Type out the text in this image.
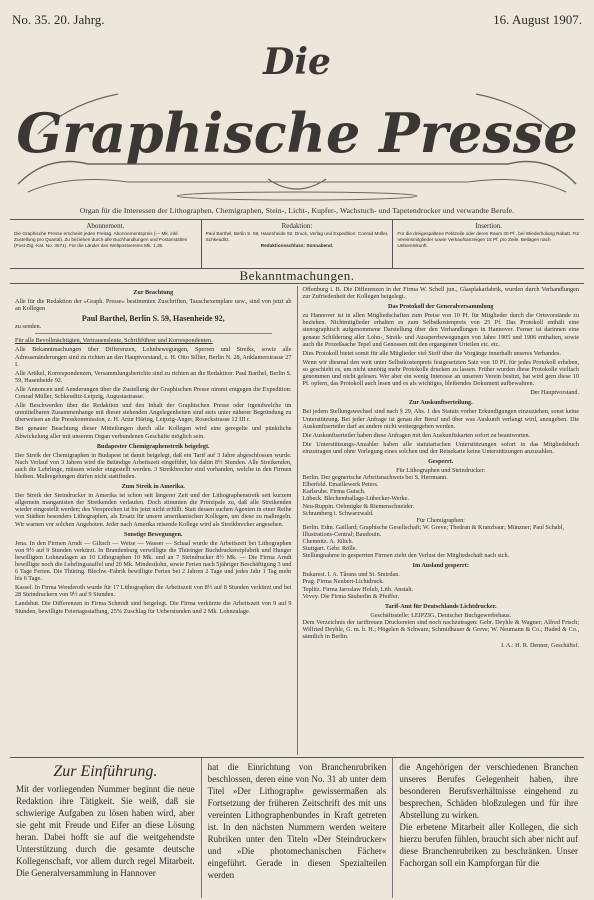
No. 35. 20. Jahrg.	16. August 1907.
Die
Graphische Presse
Organ für die Interessen der Lithographen, Chemigraphen, Stein-, Licht-, Kupfer-, Wachstuch- und Tapetendrucker und verwandte Berufe.
Abonnement.
Die Graphische Presse erscheint jeden Freitag. Abonnementspreis (— Mk. inkl. Zustellung pro Quartal). Zu beziehen durch alle Buchhandlungen und Postanstalten (Post-Ztg.-Kat. No. 3571). Für die Länder des Weltpostvereins Mk. 1,35.
Redaktion:
Paul Barthel, Berlin S. 59, Hasenheide 92. Druck, Verlag und Expedition: Conrad Müller, Schkeuditz.
Redaktionsschluss: Sonnabend.
Insertion.
Für die dreigespaltene Petitzeile oder deren Raum 30 Pf., bei Wiederholung Rabatt. Für Vereinsmitglieder sowie Verkaufsanzeigen 15 Pf. pro Zeile. Beilagen nach Uebereinkunft.
Bekanntmachungen.
Zur Beachtung

Alle für die Redaktion der »Graph. Presse« bestimmten Zuschriften, Tauschexemplare usw., sind von jetzt ab an Kollegen

Paul Barthel, Berlin S. 59, Hasenheide 92,

zu senden.

Für alle Bevollmächtigten, Vertrauensleute, Schriftführer und Korrespondenten.

Alle Bekanntmachungen über Differenzen, Lohnbewegungen, Sperren und Streiks, sowie alle Adressenänderungen sind zu richten an den Hauptvorstand, z. H. Otto Sillier, Berlin N. 28, Anklamerstrasse 27 I.

Alle Artikel, Korrespondenzen, Versammlungsberichte sind zu richten an die Redaktion: Paul Barthel, Berlin S. 59, Hasenheide 92.

Alle Annoncen und Aenderungen über die Zustellung der Graphischen Presse nimmt entgegen die Expedition: Conrad Müller, Schkeuditz-Leipzig, Augustastrasse.

Alle Beschwerden über die Redaktion und den Inhalt der Graphischen Presse oder irgendwelche im unmittelbaren Zusammenhange mit dieser stehenden Angelegenheiten sind stets unter näherer Begründung zu überweisen an die Presskommission, z. H. Artur Häring, Leipzig-Anger, Roseckstrasse 12 III r.

Bei genauer Beachtung dieser Mitteilungen durch alle Kollegen wird eine geregelte und pünktliche Abwickelung aller mit unserem Organ verbundenen Geschäfte möglich sein.

Budapester Chemigraphenstreik beigelegt.

Der Streik der Chemigraphen in Budapest ist damit beigelegt, daß ein Tarif auf 3 Jahre abgeschlossen wurde. Nach Verlauf von 3 Jahren wird die 8stündige Arbeitszeit eingeführt, bis dahin 8½ Stunden. Alle Streikenden, auch die Lehrlinge, müssen wieder eingestellt werden. 3 Streikbrecher sind vorhanden, welche in den Firmen bleiben. Maßregelungen dürfen nicht stattfinden.

Zum Streik in Amerika.

Der Streik der Steindrucker in Amerika ist schon seit längerer Zeit und der Lithographenstreik seit kurzem allgemein manganisten der Streikenden verlaufen. Doch stimmten die Prinzipale zu, daß alle Streikenden wieder eingestellt werden; des Versprechen ist bis jetzt nicht erfüllt. Statt dessen suchen Agenten in einer Reihe von Städten besonders Lithographen, als Ersatz für unsere amerikanischen Kollegen, um diese zu maßregeln. Wir warnen vor solchen Angeboten. Jeder nach Amerika reisende Kollege wird als Streikbrecher angesehen.

Sonstige Bewegungen.

Jena. In den Firmen Arndt — Giltsch — Weise — Wasser — Schaal wurde die Arbeitszeit bei Lithographen von 9½ auf 9 Stunden verkürzt. In Brandenburg verwilligte die Thüringer Buchdruckereipfabrik und Hunger bewilligten Lohnzulagen an 10 Lithographen 10 Mk. und an 7 Steindrucker 8½ Mk. — Die Firma Arndt bewilligte noch die Lehrlingsstaffel und 20 Mk. Mindestlohn, sowie Ferien nach 5jähriger Beschäftigung 3 und 6 Tage Ferien. Die Thüring. Blechw.-Fabrik bewilligte Ferien bei 2 Jahren 2 Tage und jedes Jahr 1 Tag mehr bis 6 Tage.

Kassel. In Firma Wenderoth wurde für 17 Lithographen die Arbeitszeit von 8½ auf 8 Stunden verkürzt und bei 28 Steindruckern von 9½ auf 9 Stunden.

Landshut. Die Differenzen in Firma Schmidt sind beigelegt. Die Firma verkürzte die Arbeitszeit von 9 auf 9 Stunden, bewilligte Feiertagsstaffung, 25% Zuschlag für Ueberstunden und 2 Mk. Lohnzulage.

Offenburg i. B. Die Differenzen in der Firma W. Schell jun., Glasplakatfabrik, wurden durch Verhandlungen zur Zufriedenheit der Kollegen beigelegt.

Das Protokoll der Generalversammlung

zu Hannover ist in allen Mitgliedschaften zum Preise von 10 Pf. für Mitglieder durch die Ortsvorstände zu beziehen. Nichtmitglieder erhalten es zum Selbstkostenpreis von 25 Pf. Das Protokoll enthält eine stenographisch aufgenommene Darstellung über den Verhandlungen in Hannover. Ferner ist darinnen eine genaue Schilderung aller Lohn-, Streik- und Aussperrbewegungen von Jahre 1905 und 1906 enthalten, sowie auch die Prozeßsache Tepel und Genossen mit den ergangenen Urteilen etc. etc.

Dies Protokoll bietet somit für alle Mitglieder viel Stoff über die Vorgänge innerhalb unseres Verbandes.

Wenn wir diesmal den weit unter Selbstkostenpreis festgesetzten Satz von 10 Pf. für jedes Protokoll erheben, so geschieht es, um nicht unnötig mehr Protokolle drucken zu lassen. Früher wurden diese Protokolle vielfach genommen und nicht gelesen. Wer aber ein wenig Interesse an unserem Verein besitzt, hat wird gern diese 10 Pf. opfern, das Protokoll auch lesen und es als wichtiges, bleibendes Dokument aufbewahren.

Der Hauptvorstand.
Zur Auskunftserteilung.

Bei jedem Stellungswechsel sind nach § 29, Abs. 1 des Statuts vorher Erkundigungen einzuziehen, sonst keine Unterstützung. Bei jeder Anfrage ist genau der Beruf und über was Auskunft verlangt wird, anzugeben. Die Auskunftserteiler darf an andere nicht weitergegeben werden.

Die Auskunftserteiler haben diese Anfragen mit den Auskunftskarten sofort zu beantworten.

Die Unterstützungs-Anzahler haben alle statutarischen Unterstützungen sofort in das Mitgliedsbuch einzutragen und ohne Vorlegung eines solchen und der Reisekarte keine Unterstützungen anzuzahlen.

Gesperrt.
Für Lithographen und Steindrucker:
Berlin. Der gegnerische Arbeitsnachweis bei S. Herrmann.
Elberfeld. Emaillewerk Peters.
Karlsruhe. Firma Gutsch.
Lübeck. Blechemballage-Lübecker-Werke.
Neu-Ruppin. Oehmigke & Riemenschneider.
Schramberg i. Schwarzwald.
Für Chemigraphen:
Berlin. Edm. Gaillard; Graphische Gesellschaft; W. Greve; Thedran & Kranzbaur; Münzner; Paul Schabl, Illustrations-Central; Baudouin.
Chemnitz. A. Jülich.
Stuttgart. Gebr. Rölle.

Stellungnahme in gesperrten Firmen zieht den Verlust der Mitgliedschaft nach sich.

Im Ausland gesperrt:
Bukarest. I. A. Târans und St. Smirdan.
Prag. Firma Neubert-Lichtdruck.
Teplitz. Firma Jaroslaw Holub, Lith. Anstalt.
Vevey. Die Firma Säuberlin & Pfeiffer.
Tarif-Amt für Deutschlands Lichtdrucker.
Geschäftsstelle: LEIPZIG, Deutscher Buchgewerbehaus.

Dem Verzeichnis der tariftreuen Druckereien sind noch nachzutragen: Gebr. Deyhle & Wagner; Alfred Frisch; Wilfried Deyhle, G. m. b. H.; Högelen & Schwarz; Schmidhauer & Greve; W. Neumann & Co.; Haded & Co., sämtlich in Berlin.

I. A.: H. R. Denner, Geschäftsf.
Zur Einführung.

Mit der vorliegenden Nummer beginnt die neue Redaktion ihre Tätigkeit. Sie weiß, daß sie schwierige Aufgaben zu lösen haben wird, aber sie geht mit Freude und Eifer an diese Lösung heran. Dabei hofft sie auf die weitgehendste Unterstützung durch die gesamte deutsche Kollegenschaft, vor allem durch regel Mitarbeit. Die Generalversammlung in Hannover

hat die Einrichtung von Branchenrubriken beschlossen, deren eine von No. 31 ab unter dem Titel »Der Lithograph« gewissermaßen als Fortsetzung der früheren Zeitschrift des mit uns vereinten Lithographenbundes in Kraft getreten ist. In den nächsten Nummern werden weitere Rubriken unter den Titeln »Der Steindrucker« und »Die photomechanischen Fächer« eingeführt. Gerade in diesen Spezialteilen werden

die Angehörigen der verschiedenen Branchen unseres Berufes Gelegenheit haben, ihre besonderen Berufsverhältnisse eingehend zu besprechen, Schäden bloßzulegen und für ihre Abstellung zu wirken.
Die erbetene Mitarbeit aller Kollegen, die sich hierzu berufen fühlen, braucht sich aber nicht auf diese Branchenrubriken zu beschränken. Unser Fachorgan soll ein Kampforgan für die
